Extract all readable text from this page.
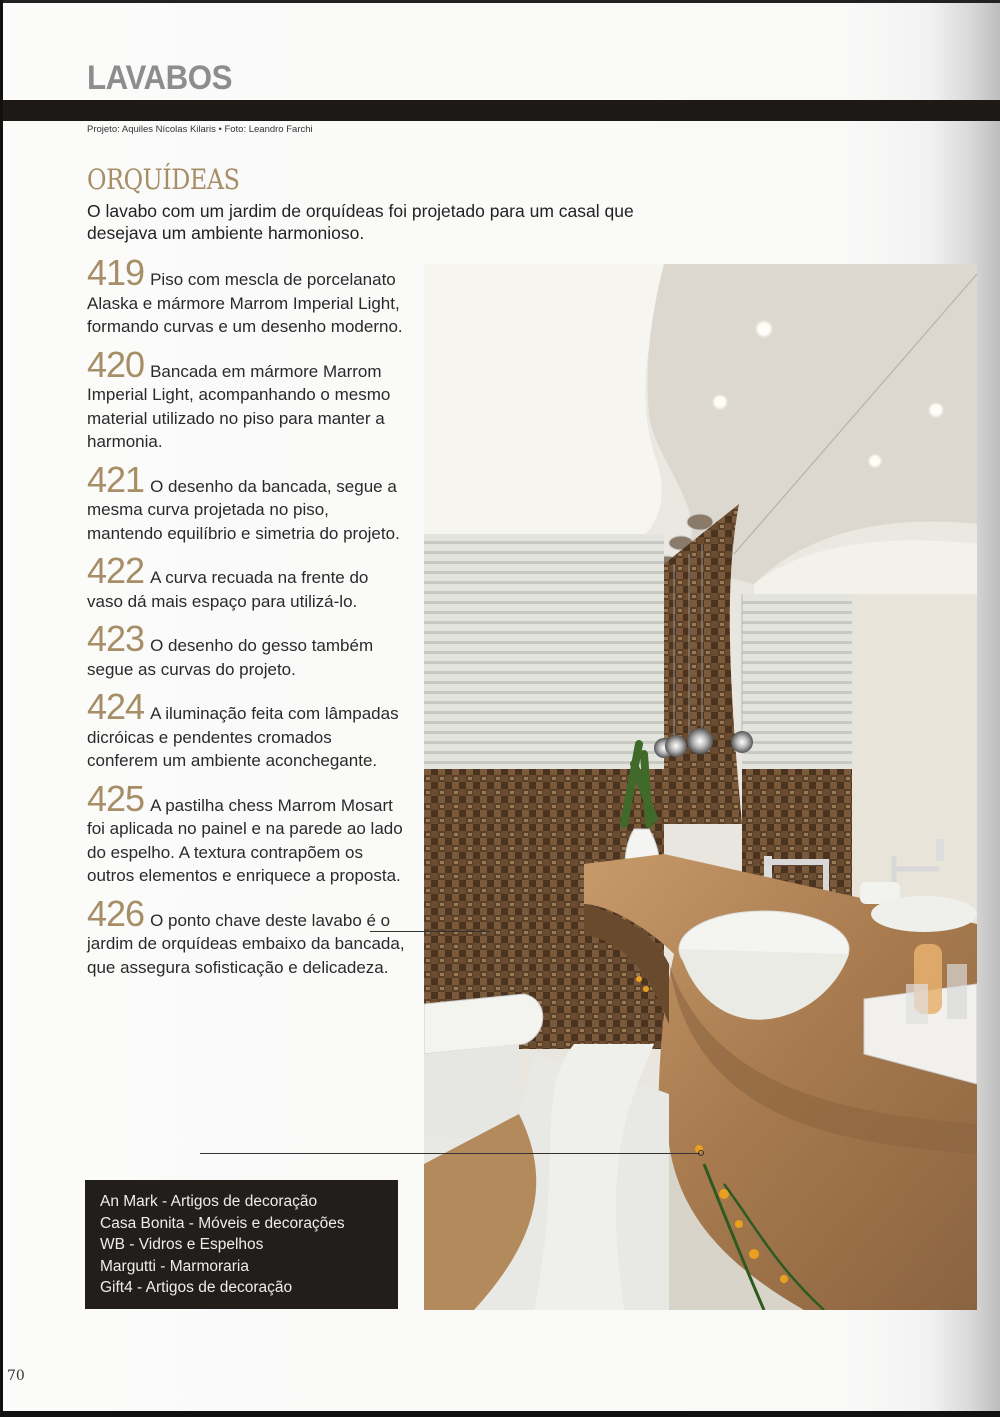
LAVABOS
Projeto: Aquiles Nícolas Kilaris • Foto: Leandro Farchi
ORQUÍDEAS
O lavabo com um jardim de orquídeas foi projetado para um casal que desejava um ambiente harmonioso.
419 Piso com mescla de porcelanato Alaska e mármore Marrom Imperial Light, formando curvas e um desenho moderno.
420 Bancada em mármore Marrom Imperial Light, acompanhando o mesmo material utilizado no piso para manter a harmonia.
421 O desenho da bancada, segue a mesma curva projetada no piso, mantendo equilíbrio e simetria do projeto.
422 A curva recuada na frente do vaso dá mais espaço para utilizá-lo.
423 O desenho do gesso também segue as curvas do projeto.
424 A iluminação feita com lâmpadas dicróicas e pendentes cromados conferem um ambiente aconchegante.
425 A pastilha chess Marrom Mosart foi aplicada no painel e na parede ao lado do espelho. A textura contrapõem os outros elementos e enriquece a proposta.
426 O ponto chave deste lavabo é o jardim de orquídeas embaixo da bancada, que assegura sofisticação e delicadeza.
An Mark - Artigos de decoração
Casa Bonita - Móveis e decorações
WB - Vidros e Espelhos
Margutti - Marmoraria
Gift4 - Artigos de decoração
70
